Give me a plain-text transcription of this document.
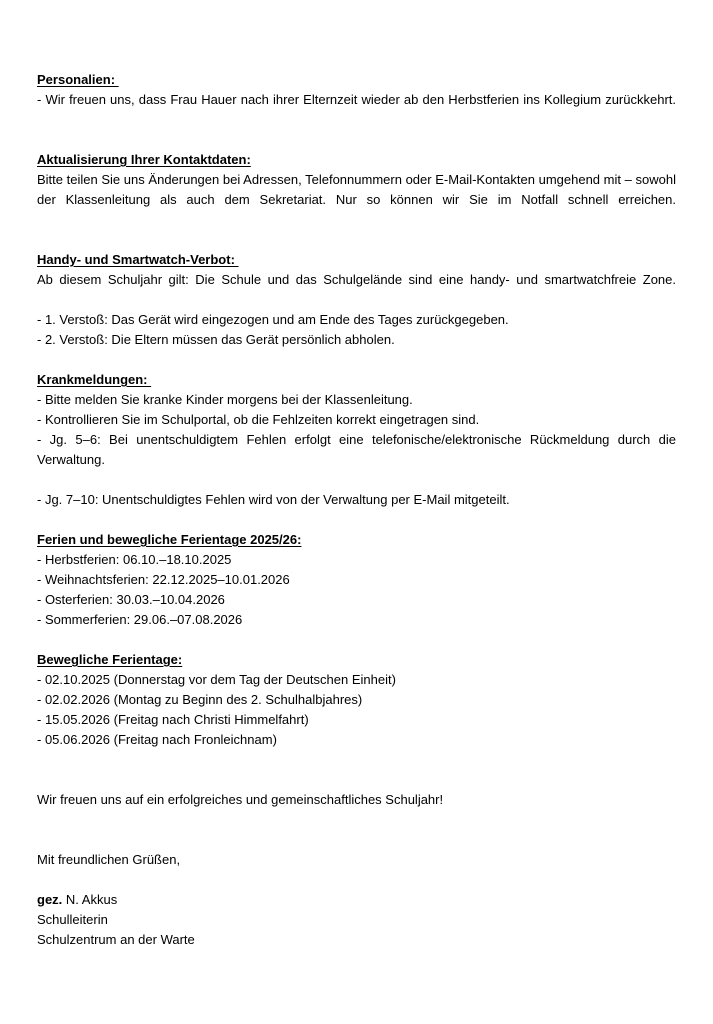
Personalien:
- Wir freuen uns, dass Frau Hauer nach ihrer Elternzeit wieder ab den Herbstferien ins Kollegium zurückkehrt.
Aktualisierung Ihrer Kontaktdaten:
Bitte teilen Sie uns Änderungen bei Adressen, Telefonnummern oder E-Mail-Kontakten umgehend mit – sowohl der Klassenleitung als auch dem Sekretariat. Nur so können wir Sie im Notfall schnell erreichen.
Handy- und Smartwatch-Verbot:
Ab diesem Schuljahr gilt: Die Schule und das Schulgelände sind eine handy- und smartwatchfreie Zone.
- 1. Verstoß: Das Gerät wird eingezogen und am Ende des Tages zurückgegeben.
- 2. Verstoß: Die Eltern müssen das Gerät persönlich abholen.
Krankmeldungen:
- Bitte melden Sie kranke Kinder morgens bei der Klassenleitung.
- Kontrollieren Sie im Schulportal, ob die Fehlzeiten korrekt eingetragen sind.
- Jg. 5–6: Bei unentschuldigtem Fehlen erfolgt eine telefonische/elektronische Rückmeldung durch die Verwaltung.
- Jg. 7–10: Unentschuldigtes Fehlen wird von der Verwaltung per E-Mail mitgeteilt.
Ferien und bewegliche Ferientage 2025/26:
- Herbstferien: 06.10.–18.10.2025
- Weihnachtsferien: 22.12.2025–10.01.2026
- Osterferien: 30.03.–10.04.2026
- Sommerferien: 29.06.–07.08.2026
Bewegliche Ferientage:
- 02.10.2025 (Donnerstag vor dem Tag der Deutschen Einheit)
- 02.02.2026 (Montag zu Beginn des 2. Schulhalbjahres)
- 15.05.2026 (Freitag nach Christi Himmelfahrt)
- 05.06.2026 (Freitag nach Fronleichnam)
Wir freuen uns auf ein erfolgreiches und gemeinschaftliches Schuljahr!
Mit freundlichen Grüßen,
gez. N. Akkus
Schulleiterin
Schulzentrum an der Warte
